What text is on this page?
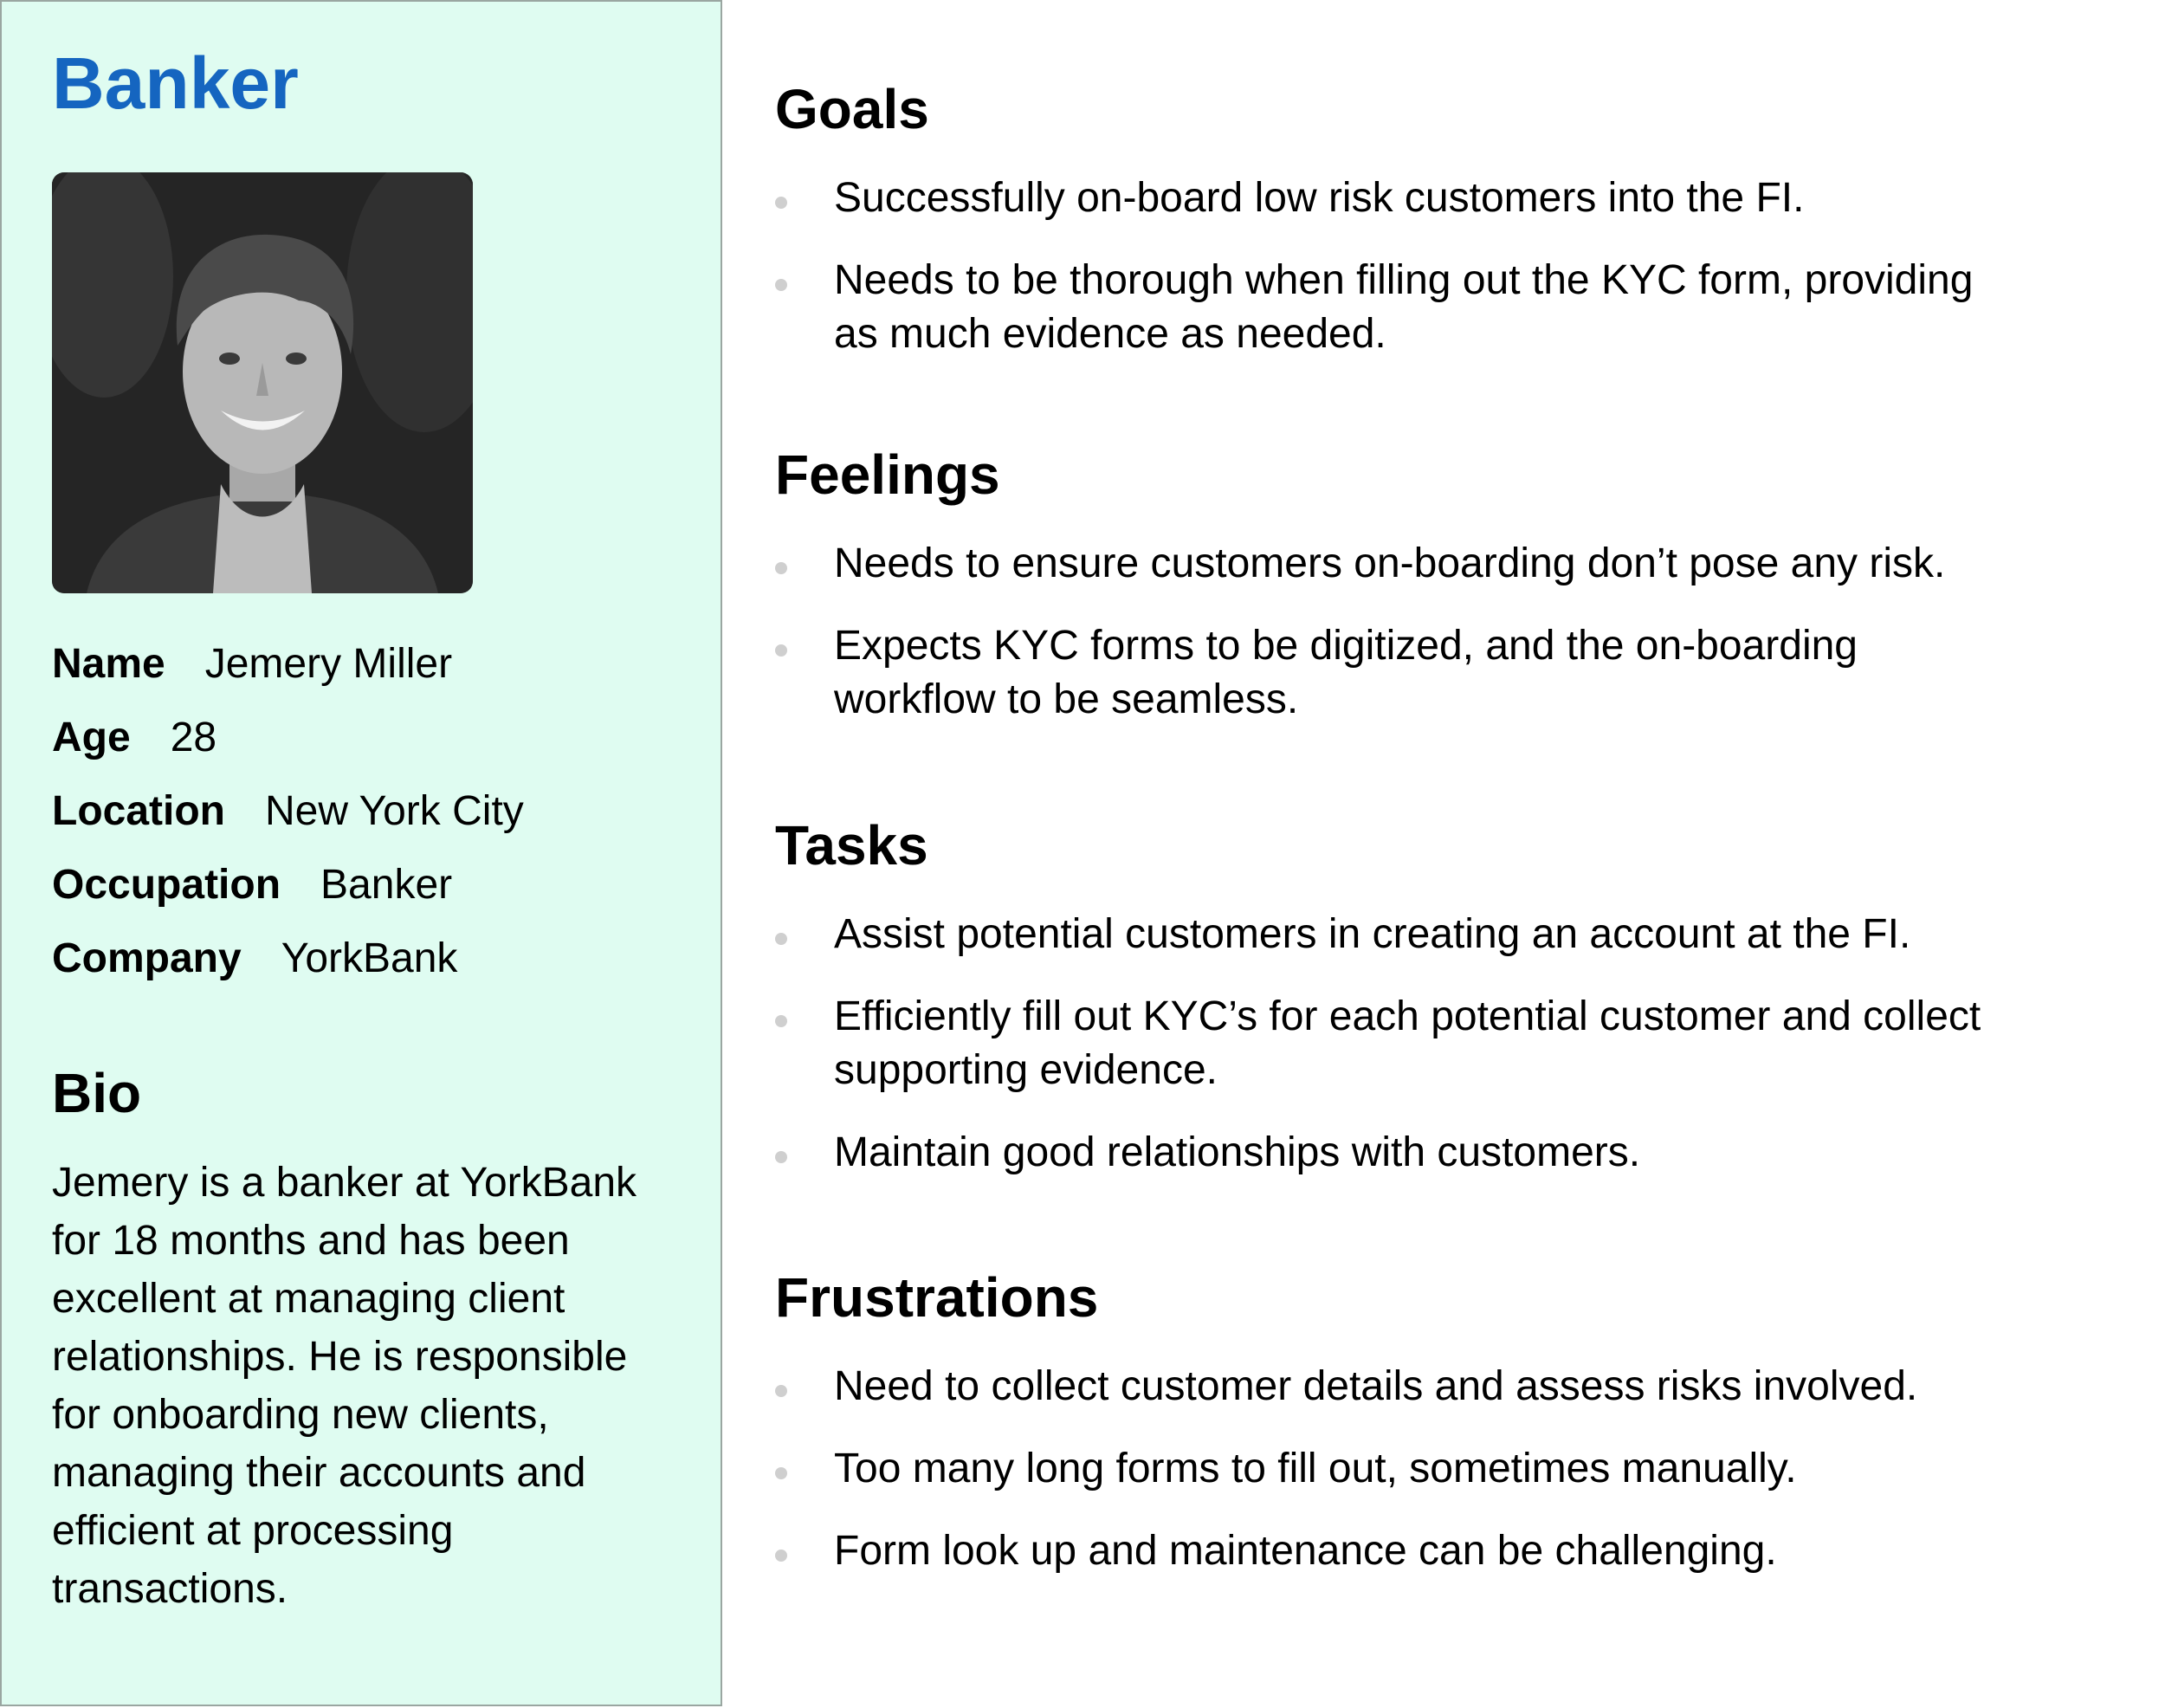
Banker
Name Jemery Miller
Age 28
Location New York City
Occupation Banker
Company YorkBank
Bio

Jemery is a banker at YorkBank
for 18 months and has been
excellent at managing client
relationships. He is responsible
for onboarding new clients,
managing their accounts and
efficient at processing
transactions.

Goals
Successfully on-board low risk customers into the FI.
Needs to be thorough when filling out the KYC form, providing
as much evidence as needed.
Feelings
Needs to ensure customers on-boarding don’t pose any risk.
Expects KYC forms to be digitized, and the on-boarding
workflow to be seamless.
Tasks
Assist potential customers in creating an account at the FI.
Efficiently fill out KYC’s for each potential customer and collect
supporting evidence.
Maintain good relationships with customers.
Frustrations
Need to collect customer details and assess risks involved.
Too many long forms to fill out, sometimes manually.
Form look up and maintenance can be challenging.
